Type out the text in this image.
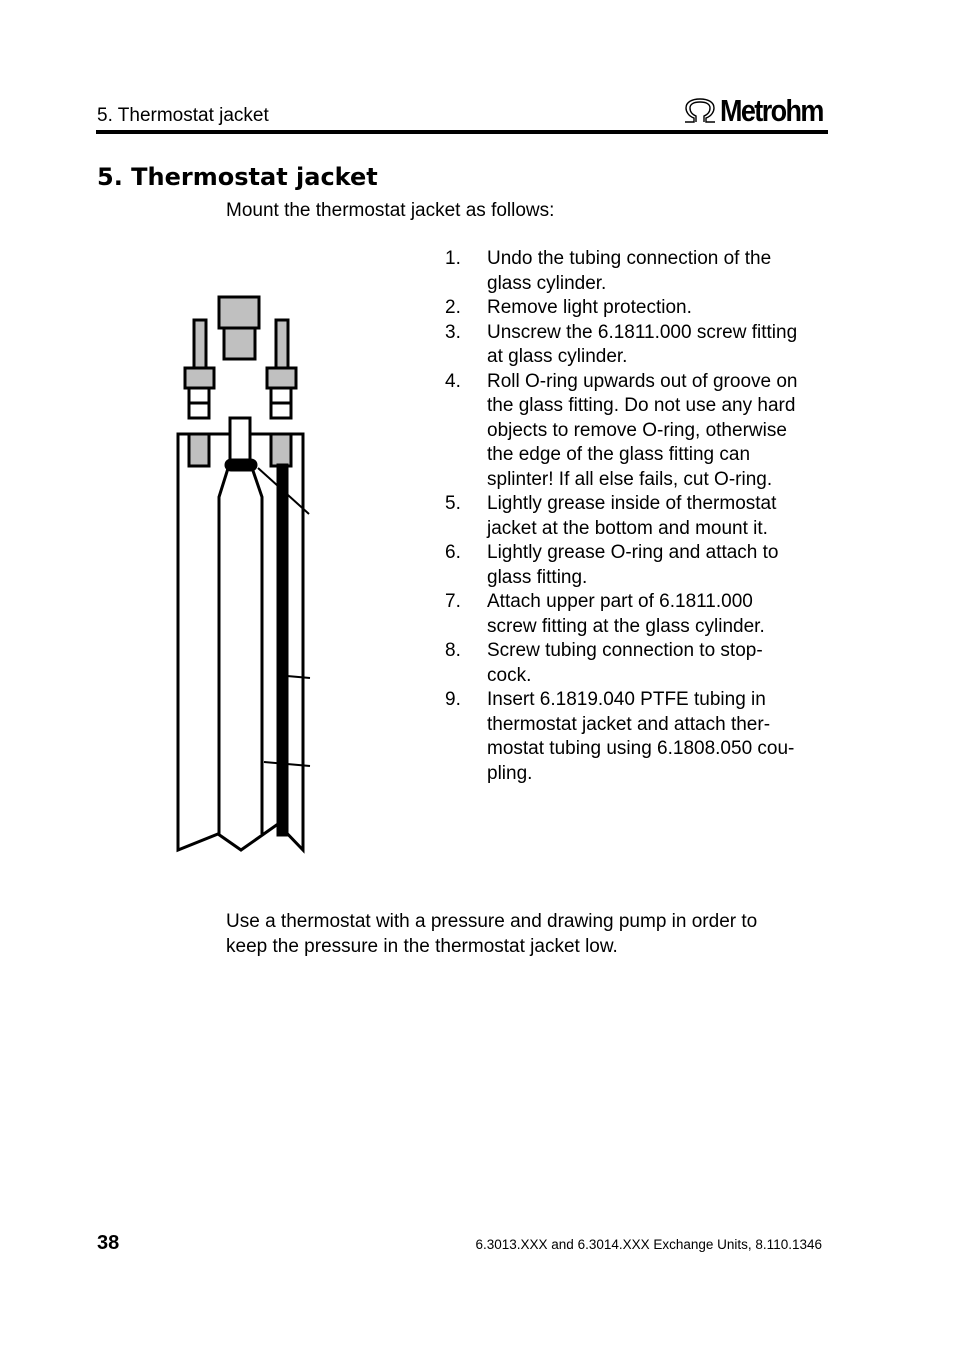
5. Thermostat jacket	Metrohm
5. Thermostat jacket
Mount the thermostat jacket as follows:
1.	Undo the tubing connection of the
glass cylinder.
2.	Remove light protection.
3.	Unscrew the 6.1811.000 screw fitting
at glass cylinder.
4.	Roll O-ring upwards out of groove on
the glass fitting. Do not use any hard
objects to remove O-ring, otherwise
the edge of the glass fitting can
splinter! If all else fails, cut O-ring.
5.	Lightly grease inside of thermostat
jacket at the bottom and mount it.
6.	Lightly grease O-ring and attach to
glass fitting.
7.	Attach upper part of 6.1811.000
screw fitting at the glass cylinder.
8.	Screw tubing connection to stop-
cock.
9.	Insert 6.1819.040 PTFE tubing in
thermostat jacket and attach ther-
mostat tubing using 6.1808.050 cou-
pling.
Use a thermostat with a pressure and drawing pump in order to
keep the pressure in the thermostat jacket low.
38	6.3013.XXX and 6.3014.XXX Exchange Units, 8.110.1346
